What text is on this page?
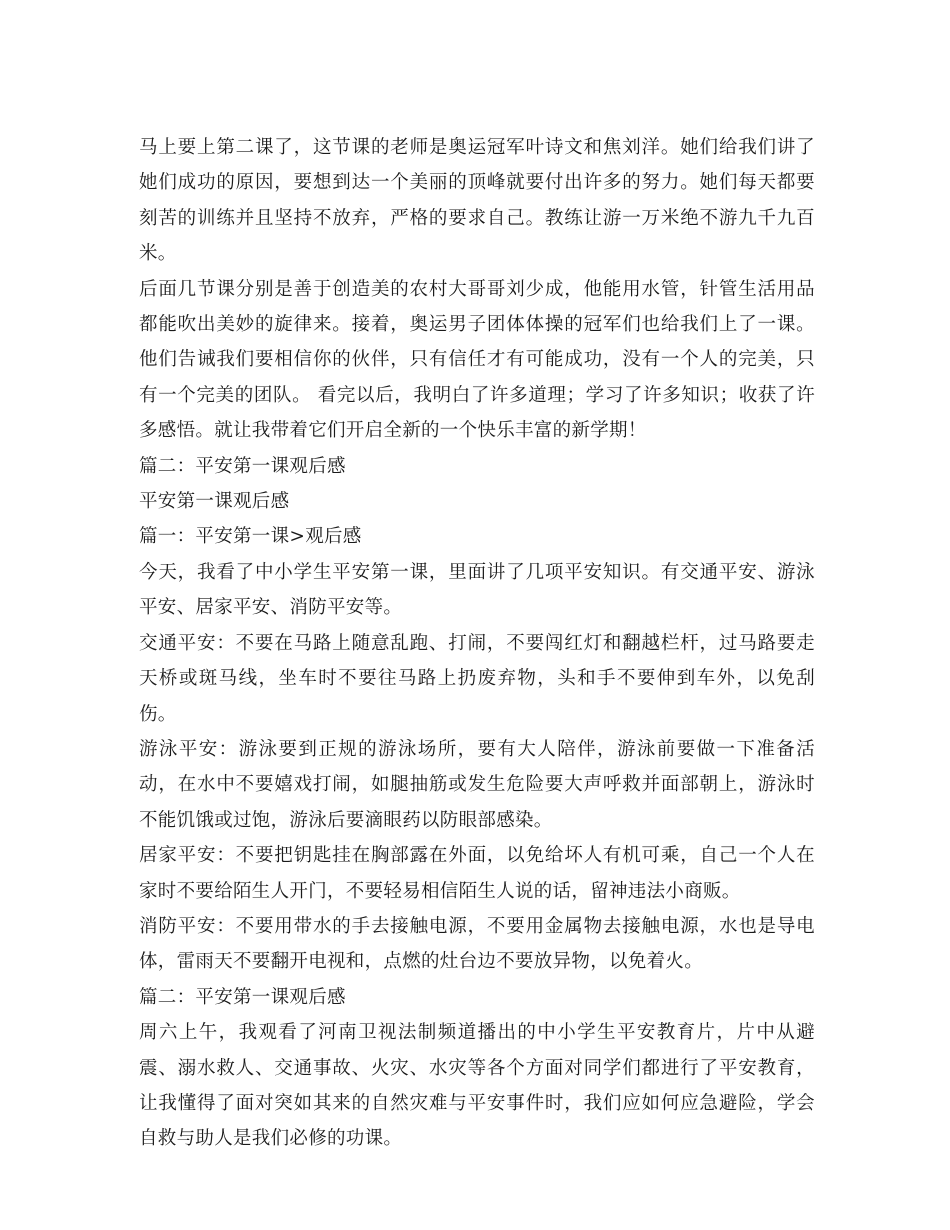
马上要上第二课了，这节课的老师是奥运冠军叶诗文和焦刘洋。她们给我们讲了她们成功的原因，要想到达一个美丽的顶峰就要付出许多的努力。她们每天都要刻苦的训练并且坚持不放弃，严格的要求自己。教练让游一万米绝不游九千九百米。

后面几节课分别是善于创造美的农村大哥哥刘少成，他能用水管，针管生活用品都能吹出美妙的旋律来。接着，奥运男子团体体操的冠军们也给我们上了一课。他们告诫我们要相信你的伙伴，只有信任才有可能成功，没有一个人的完美，只有一个完美的团队。 看完以后，我明白了许多道理；学习了许多知识；收获了许多感悟。就让我带着它们开启全新的一个快乐丰富的新学期！

篇二：平安第一课观后感

平安第一课观后感

篇一：平安第一课>观后感

今天，我看了中小学生平安第一课，里面讲了几项平安知识。有交通平安、游泳平安、居家平安、消防平安等。

交通平安：不要在马路上随意乱跑、打闹，不要闯红灯和翻越栏杆，过马路要走天桥或斑马线，坐车时不要往马路上扔废弃物，头和手不要伸到车外，以免刮伤。

游泳平安：游泳要到正规的游泳场所，要有大人陪伴，游泳前要做一下准备活动，在水中不要嬉戏打闹，如腿抽筋或发生危险要大声呼救并面部朝上，游泳时不能饥饿或过饱，游泳后要滴眼药以防眼部感染。

居家平安：不要把钥匙挂在胸部露在外面，以免给坏人有机可乘，自己一个人在家时不要给陌生人开门，不要轻易相信陌生人说的话，留神违法小商贩。

消防平安：不要用带水的手去接触电源，不要用金属物去接触电源，水也是导电体，雷雨天不要翻开电视和，点燃的灶台边不要放异物，以免着火。

篇二：平安第一课观后感

周六上午，我观看了河南卫视法制频道播出的中小学生平安教育片，片中从避震、溺水救人、交通事故、火灾、水灾等各个方面对同学们都进行了平安教育，让我懂得了面对突如其来的自然灾难与平安事件时，我们应如何应急避险，学会自救与助人是我们必修的功课。
